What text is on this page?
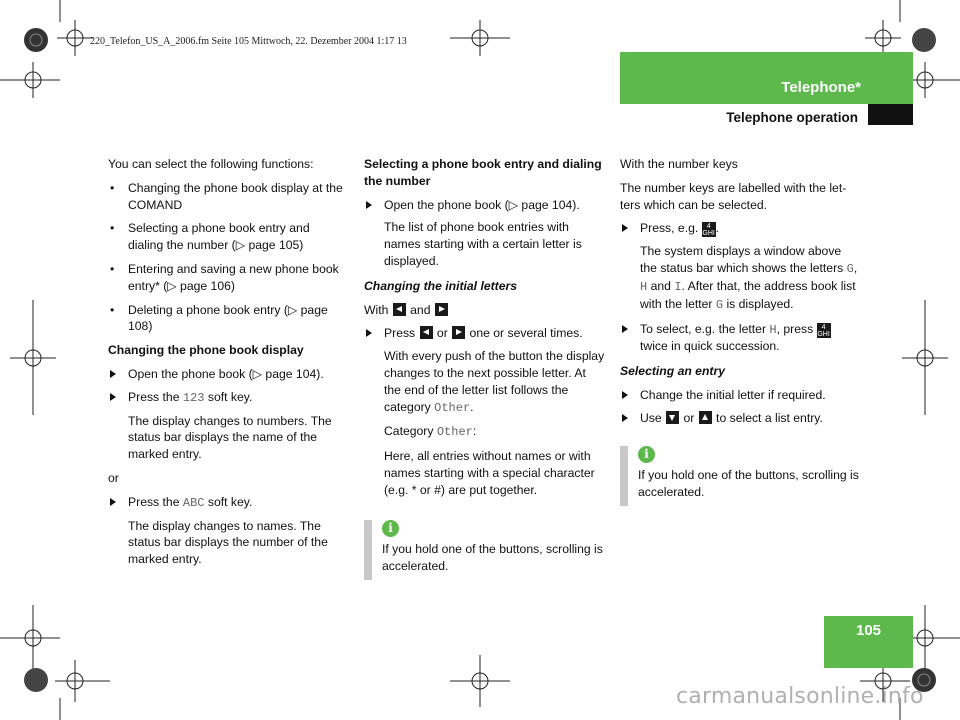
220_Telefon_US_A_2006.fm Seite 105 Mittwoch, 22. Dezember 2004 1:17 13
Telephone*
Telephone operation

You can select the following functions:

• Changing the phone book display at the COMAND
• Selecting a phone book entry and dialing the number (▷ page 105)
• Entering and saving a new phone book entry* (▷ page 106)
• Deleting a phone book entry (▷ page 108)

Changing the phone book display

Open the phone book (▷ page 104).
Press the 123 soft key.

The display changes to numbers. The status bar displays the name of the marked entry.

or

Press the ABC soft key.

The display changes to names. The status bar displays the number of the marked entry.

Selecting a phone book entry and dialing the number

Open the phone book (▷ page 104).

The list of phone book entries with names starting with a certain letter is displayed.

Changing the initial letters

With  and

Press  or  one or several times.

With every push of the button the display changes to the next possible letter. At the end of the letter list follows the category Other.

Category Other:

Here, all entries without names or with names starting with a special character (e.g. * or #) are put together.

i
If you hold one of the buttons, scrolling is accelerated.

With the number keys

The number keys are labelled with the let-ters which can be selected.

Press, e.g. 4
GHI .

The system displays a window above the status bar which shows the letters G, H and I. After that, the address book list with the letter G is displayed.

To select, e.g. the letter H, press 4
GHI
twice in quick succession.

Selecting an entry

Change the initial letter if required.
Use  or  to select a list entry.
i
If you hold one of the buttons, scrolling is accelerated.
105
carmanualsonline.info
